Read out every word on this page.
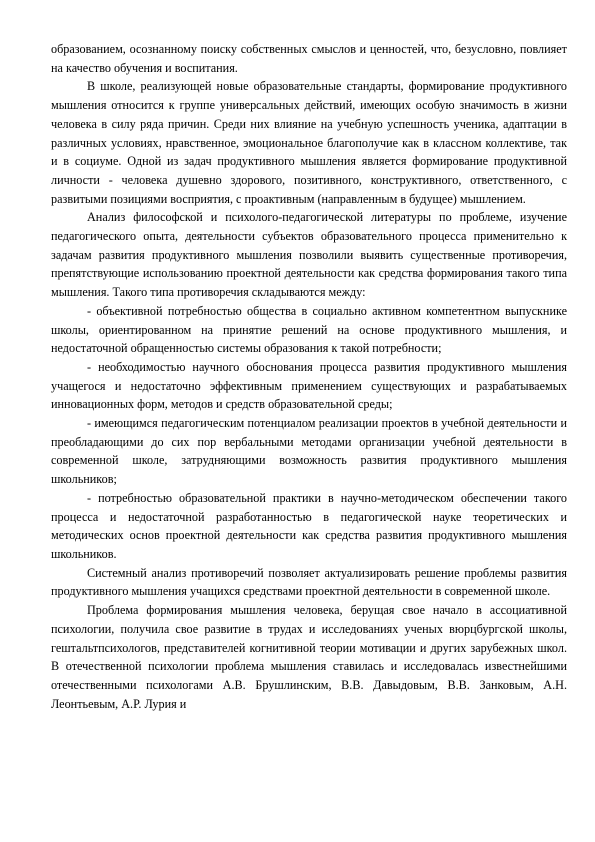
образованием, осознанному поиску собственных смыслов и ценностей, что, безусловно, повлияет на качество обучения и воспитания.

В школе, реализующей новые образовательные стандарты, формирование продуктивного мышления относится к группе универсальных действий, имеющих особую значимость в жизни человека в силу ряда причин. Среди них влияние на учебную успешность ученика, адаптации в различных условиях, нравственное, эмоциональное благополучие как в классном коллективе, так и в социуме. Одной из задач продуктивного мышления является формирование продуктивной личности - человека душевно здорового, позитивного, конструктивного, ответственного, с развитыми позициями восприятия, с проактивным (направленным в будущее) мышлением.

Анализ философской и психолого-педагогической литературы по проблеме, изучение педагогического опыта, деятельности субъектов образовательного процесса применительно к задачам развития продуктивного мышления позволили выявить существенные противоречия, препятствующие использованию проектной деятельности как средства формирования такого типа мышления. Такого типа противоречия складываются между:

- объективной потребностью общества в социально активном компетентном выпускнике школы, ориентированном на принятие решений на основе продуктивного мышления, и недостаточной обращенностью системы образования к такой потребности;

- необходимостью научного обоснования процесса развития продуктивного мышления учащегося и недостаточно эффективным применением существующих и разрабатываемых инновационных форм, методов и средств образовательной среды;

- имеющимся педагогическим потенциалом реализации проектов в учебной деятельности и преобладающими до сих пор вербальными методами организации учебной деятельности в современной школе, затрудняющими возможность развития продуктивного мышления школьников;

- потребностью образовательной практики в научно-методическом обеспечении такого процесса и недостаточной разработанностью в педагогической науке теоретических и методических основ проектной деятельности как средства развития продуктивного мышления школьников.

Системный анализ противоречий позволяет актуализировать решение проблемы развития продуктивного мышления учащихся средствами проектной деятельности в современной школе.

Проблема формирования мышления человека, берущая свое начало в ассоциативной психологии, получила свое развитие в трудах и исследованиях ученых вюрцбургской школы, гештальтпсихологов, представителей когнитивной теории мотивации и других зарубежных школ. В отечественной психологии проблема мышления ставилась и исследовалась известнейшими отечественными психологами А.В. Брушлинским, В.В. Давыдовым, В.В. Занковым, А.Н. Леонтьевым, А.Р. Лурия и
